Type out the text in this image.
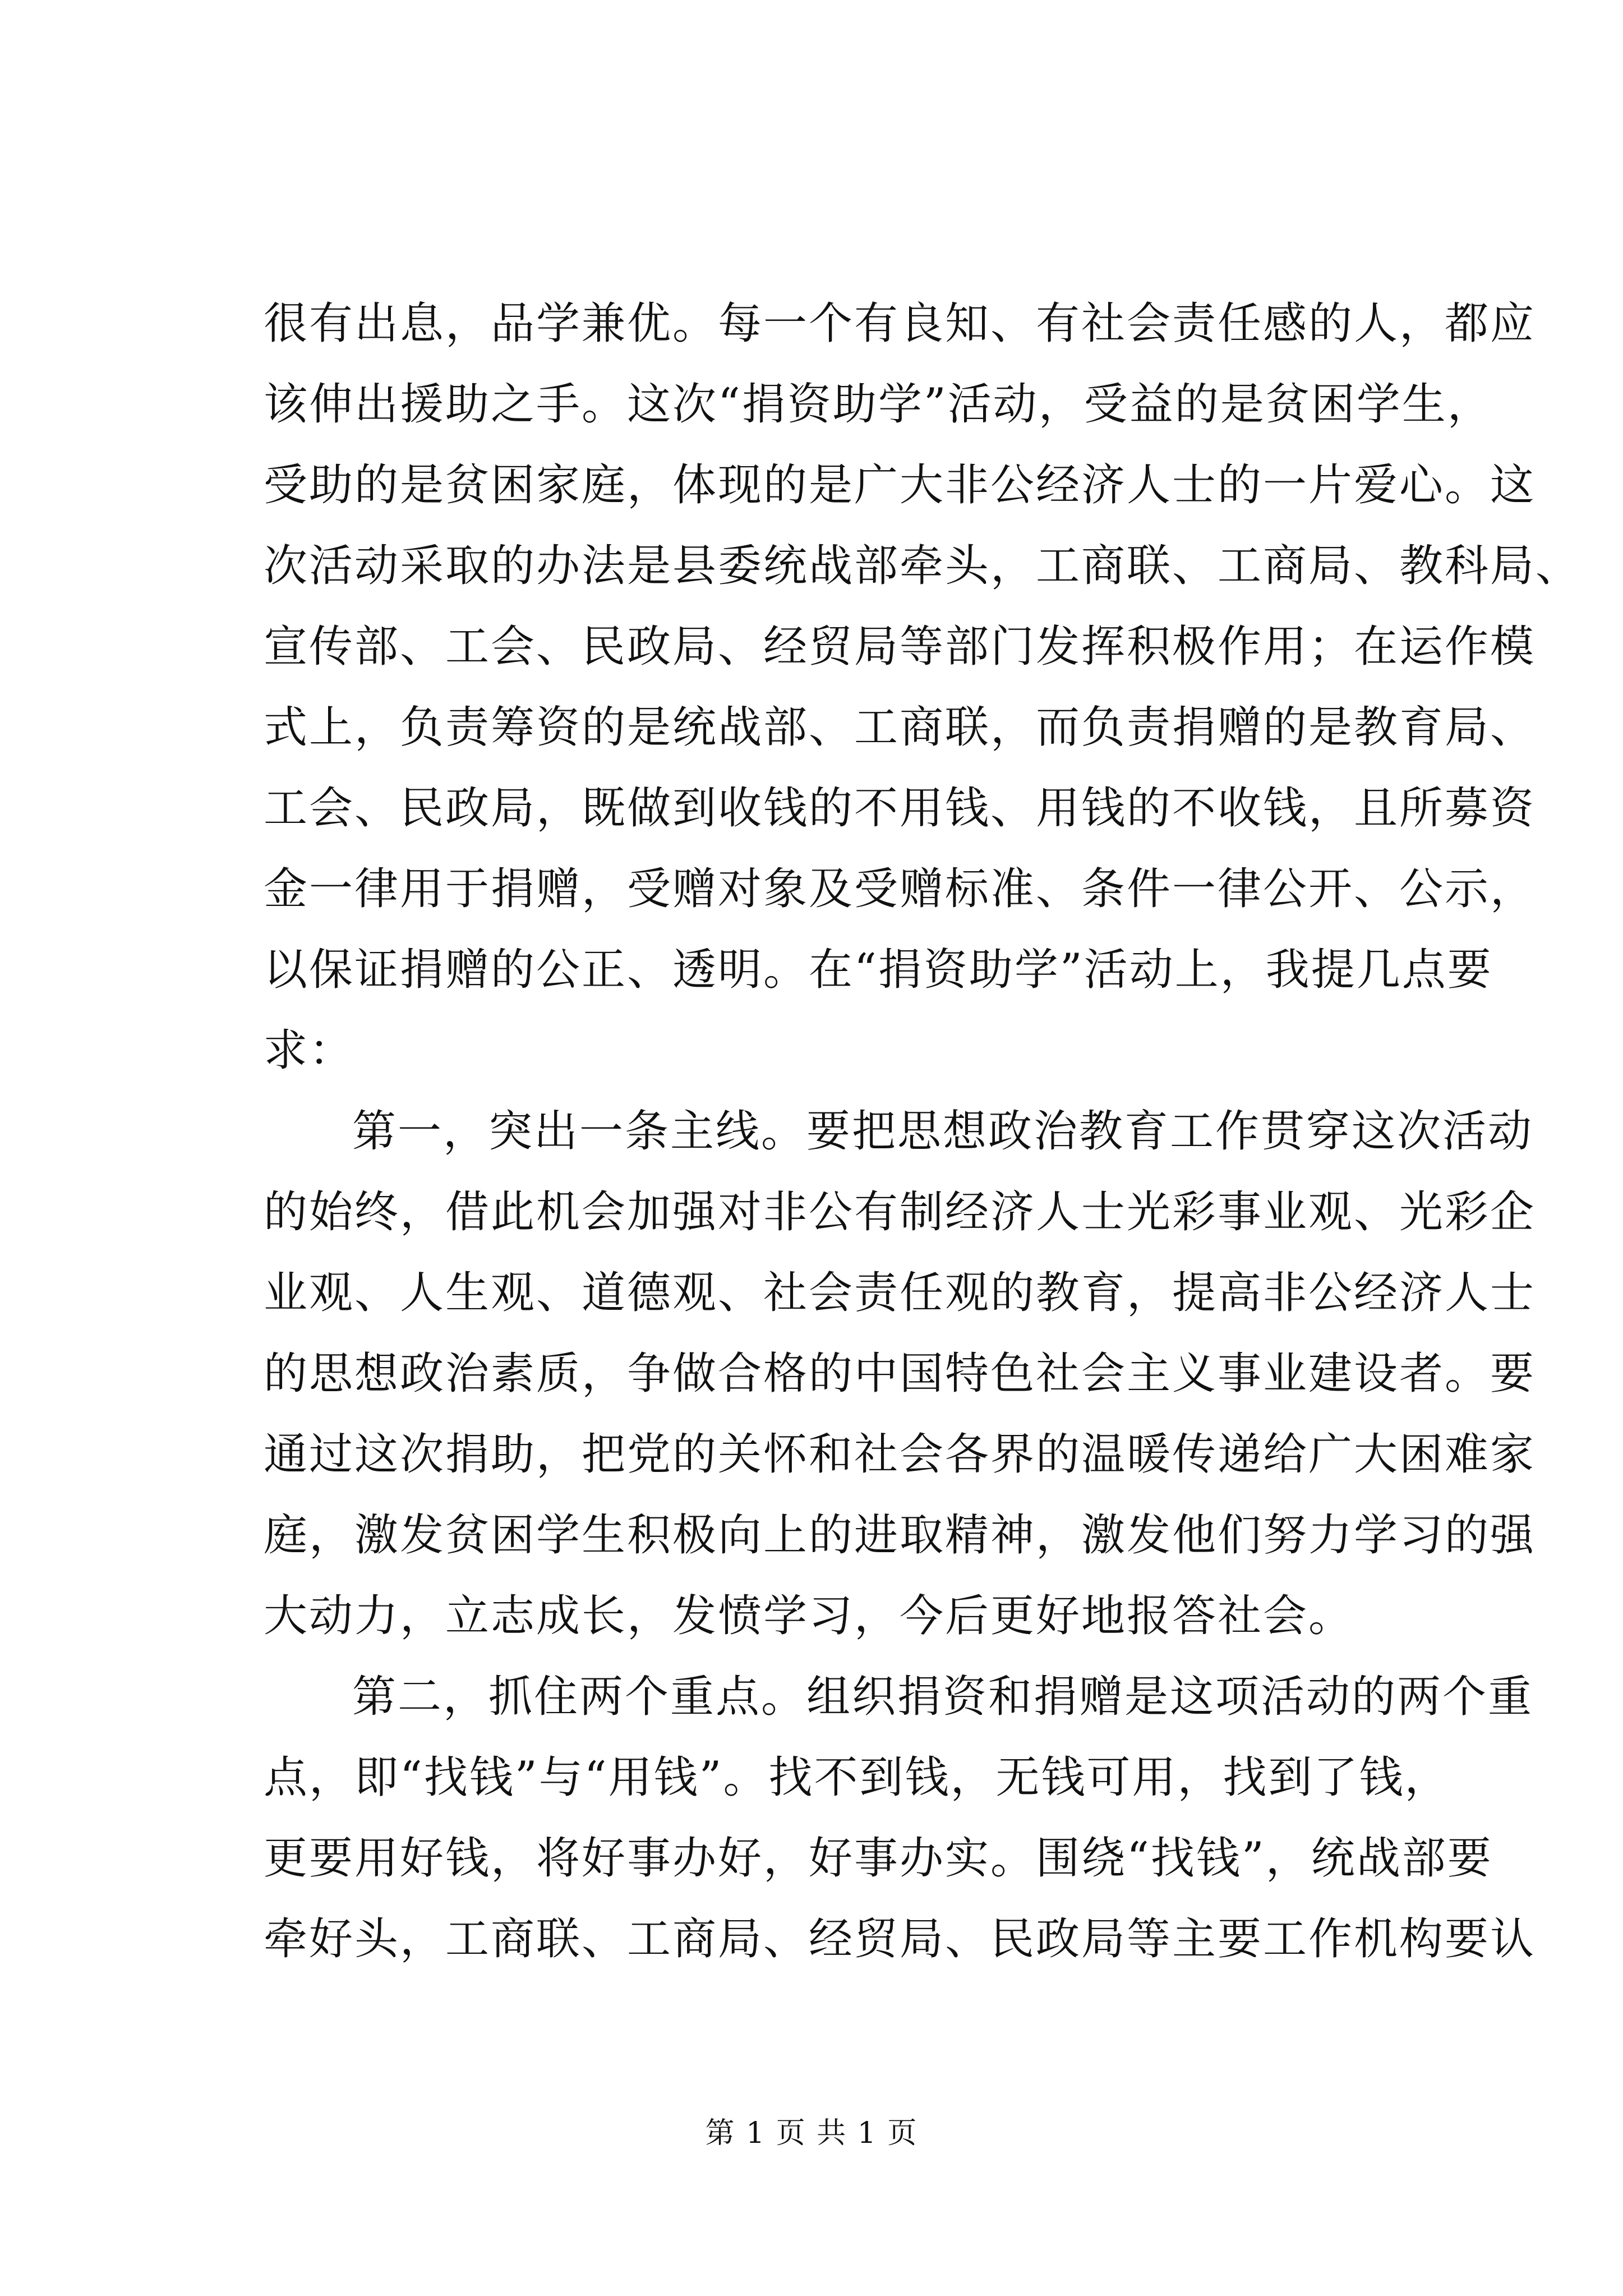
很有出息，品学兼优。每一个有良知、有社会责任感的人，都应
该伸出援助之手。这次“捐资助学”活动，受益的是贫困学生，
受助的是贫困家庭，体现的是广大非公经济人士的一片爱心。这
次活动采取的办法是县委统战部牵头，工商联、工商局、教科局、
宣传部、工会、民政局、经贸局等部门发挥积极作用；在运作模
式上，负责筹资的是统战部、工商联，而负责捐赠的是教育局、
工会、民政局，既做到收钱的不用钱、用钱的不收钱，且所募资
金一律用于捐赠，受赠对象及受赠标准、条件一律公开、公示，
以保证捐赠的公正、透明。在“捐资助学”活动上，我提几点要
求：
第一，突出一条主线。要把思想政治教育工作贯穿这次活动
的始终，借此机会加强对非公有制经济人士光彩事业观、光彩企
业观、人生观、道德观、社会责任观的教育，提高非公经济人士
的思想政治素质，争做合格的中国特色社会主义事业建设者。要
通过这次捐助，把党的关怀和社会各界的温暖传递给广大困难家
庭，激发贫困学生积极向上的进取精神，激发他们努力学习的强
大动力，立志成长，发愤学习，今后更好地报答社会。
第二，抓住两个重点。组织捐资和捐赠是这项活动的两个重
点，即“找钱”与“用钱”。找不到钱，无钱可用，找到了钱，
更要用好钱，将好事办好，好事办实。围绕“找钱”，统战部要
牵好头，工商联、工商局、经贸局、民政局等主要工作机构要认
第 1 页 共 1 页
